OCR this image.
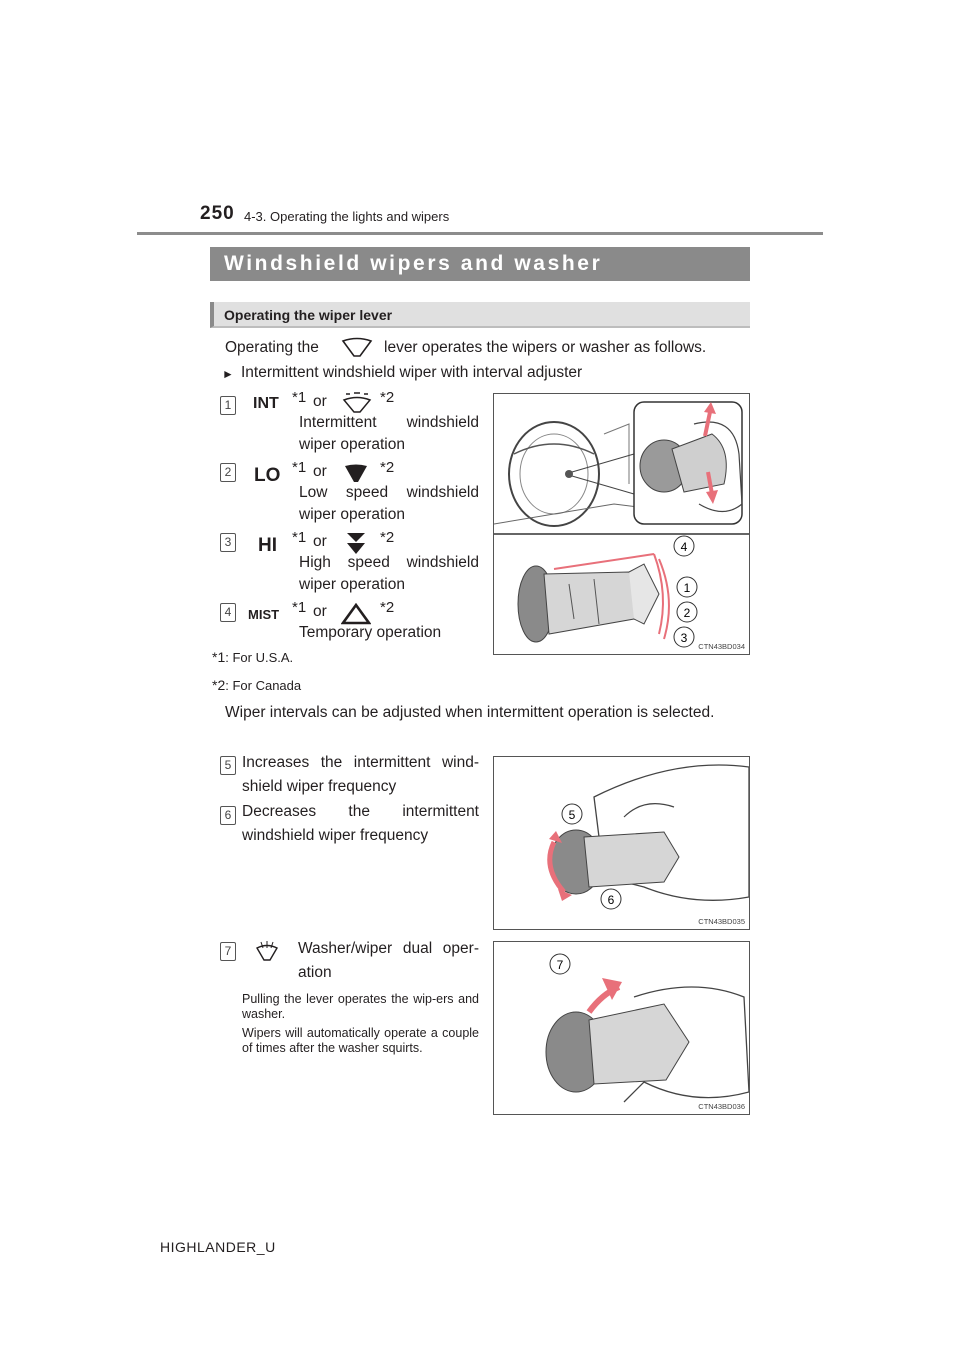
250 4-3. Operating the lights and wipers
Windshield wipers and washer
Operating the wiper lever
Operating the	lever operates the wipers or washer as follows.
► Intermittent windshield wiper with interval adjuster
1 INT *1 or	*2
Intermittent windshield wiper operation
2 LO *1 or	*2
Low speed windshield wiper operation
3 HI *1 or	*2
High speed windshield wiper operation
4	MIST *1 or	*2
Temporary operation
*1: For U.S.A.
*2: For Canada
4
1
2
3
CTN43BD034
Wiper intervals can be adjusted when intermittent operation is selected.
5 Increases the intermittent wind-shield wiper frequency
6 Decreases the intermittent windshield wiper frequency
5
6
CTN43BD035
7	Washer/wiper dual oper-ation
Pulling the lever operates the wip-ers and washer.
Wipers will automatically operate a couple of times after the washer squirts.
7
CTN43BD036
HIGHLANDER_U
